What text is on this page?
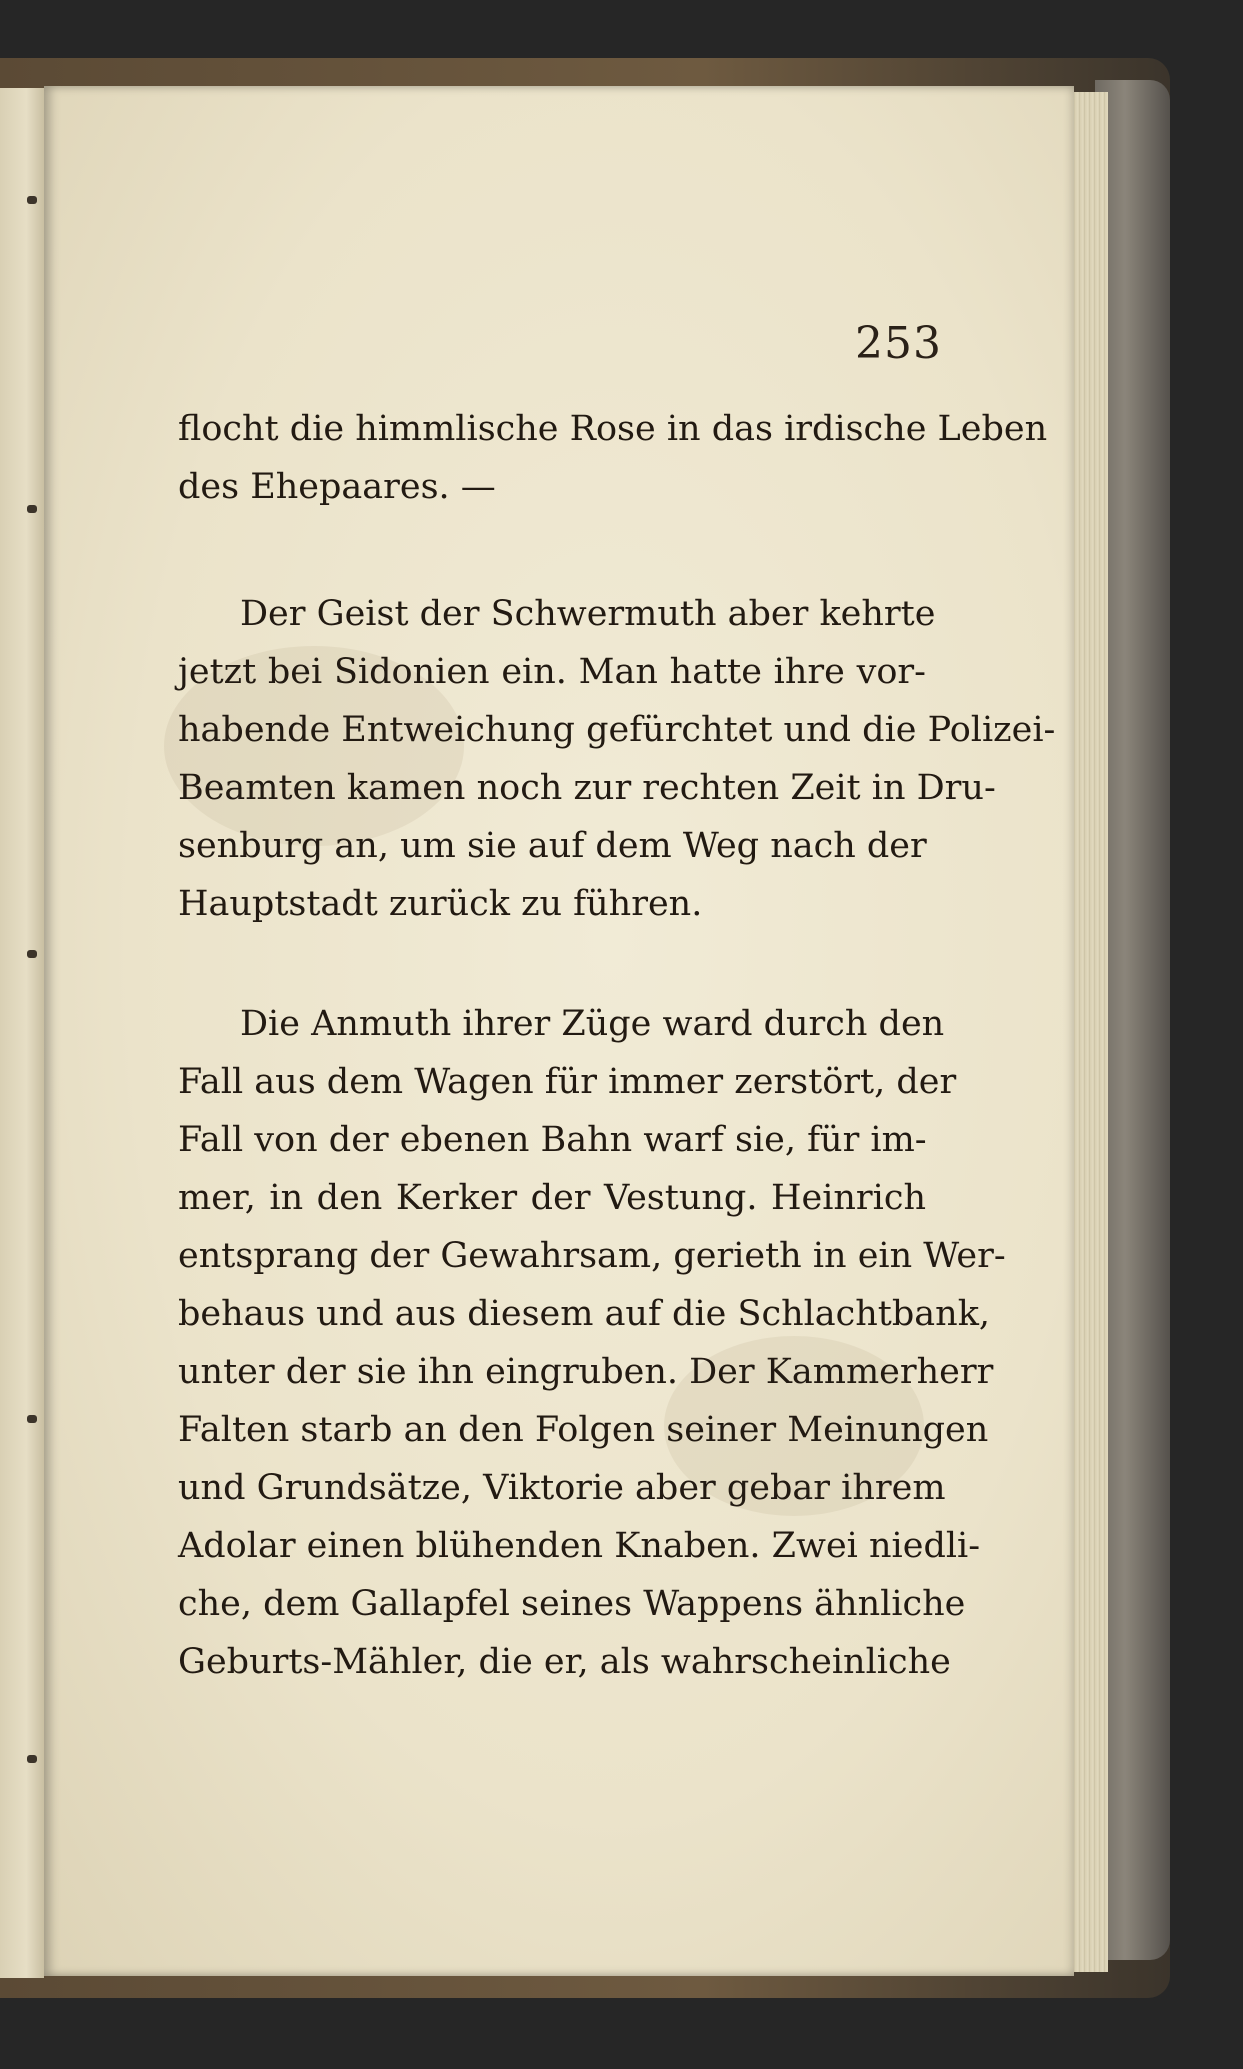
253
flocht die himmlische Rose in das irdische Leben
des Ehepaares. —
Der Geist der Schwermuth aber kehrte
jetzt bei Sidonien ein. Man hatte ihre vor-
habende Entweichung gefürchtet und die Polizei-
Beamten kamen noch zur rechten Zeit in Dru-
senburg an, um sie auf dem Weg nach der
Hauptstadt zurück zu führen.
Die Anmuth ihrer Züge ward durch den
Fall aus dem Wagen für immer zerstört, der
Fall von der ebenen Bahn warf sie, für im-
mer, in den Kerker der Vestung. Heinrich
entsprang der Gewahrsam, gerieth in ein Wer-
behaus und aus diesem auf die Schlachtbank,
unter der sie ihn eingruben. Der Kammerherr
Falten starb an den Folgen seiner Meinungen
und Grundsätze, Viktorie aber gebar ihrem
Adolar einen blühenden Knaben. Zwei niedli-
che, dem Gallapfel seines Wappens ähnliche
Geburts-Mähler, die er, als wahrscheinliche
